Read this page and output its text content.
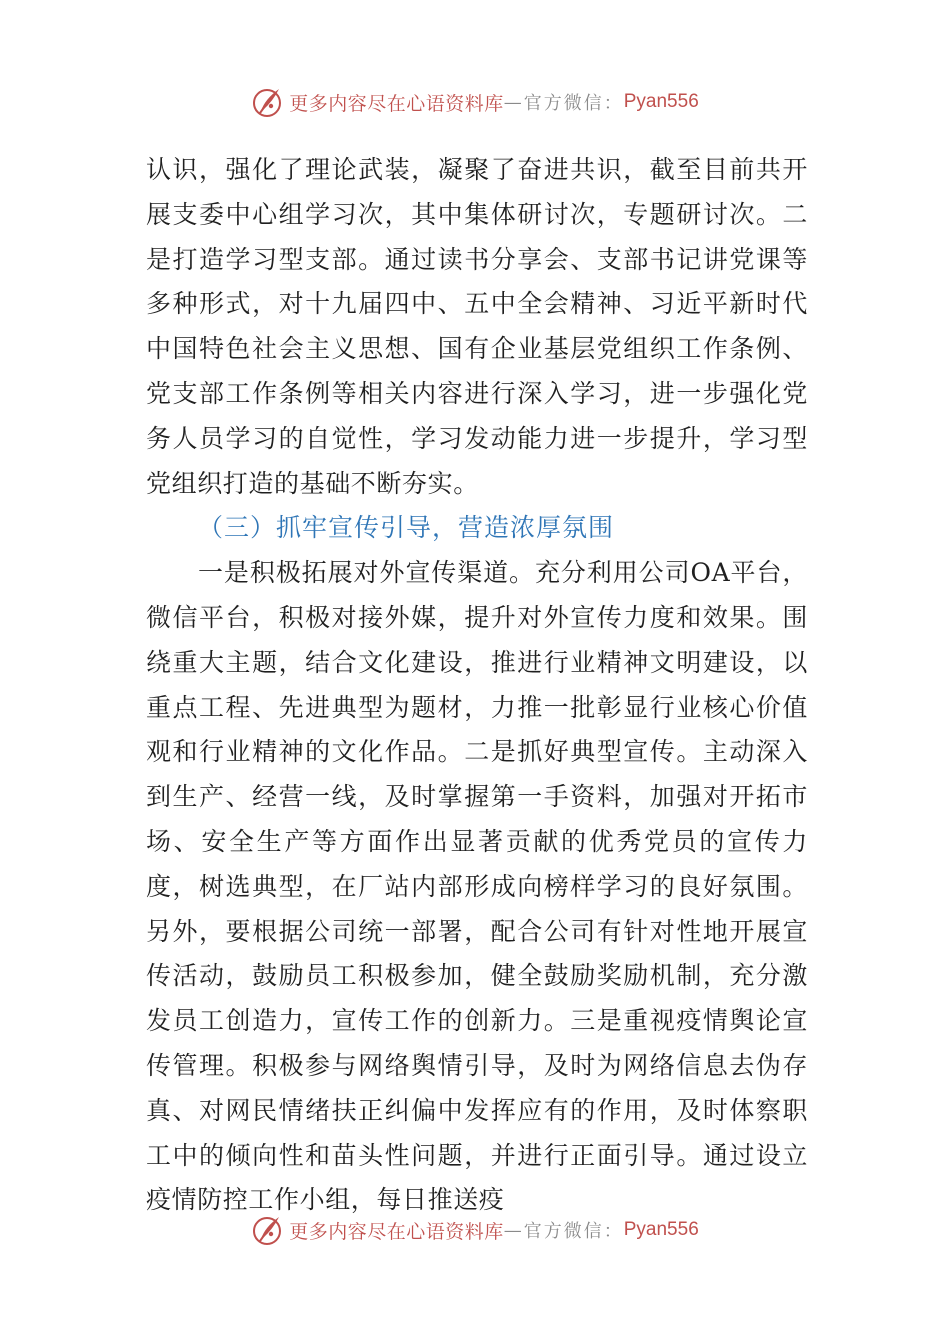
更多内容尽在心语资料库 — 官方微信： Pyan556

认识，强化了理论武装，凝聚了奋进共识，截至目前共开展支委中心组学习次，其中集体研讨次，专题研讨次。二是打造学习型支部。通过读书分享会、支部书记讲党课等多种形式，对十九届四中、五中全会精神、习近平新时代中国特色社会主义思想、国有企业基层党组织工作条例、党支部工作条例等相关内容进行深入学习，进一步强化党务人员学习的自觉性，学习发动能力进一步提升，学习型党组织打造的基础不断夯实。

（三）抓牢宣传引导，营造浓厚氛围

一是积极拓展对外宣传渠道。充分利用公司OA平台，微信平台，积极对接外媒，提升对外宣传力度和效果。围绕重大主题，结合文化建设，推进行业精神文明建设，以重点工程、先进典型为题材，力推一批彰显行业核心价值观和行业精神的文化作品。二是抓好典型宣传。主动深入到生产、经营一线，及时掌握第一手资料，加强对开拓市场、安全生产等方面作出显著贡献的优秀党员的宣传力度，树选典型，在厂站内部形成向榜样学习的良好氛围。另外，要根据公司统一部署，配合公司有针对性地开展宣传活动，鼓励员工积极参加，健全鼓励奖励机制，充分激发员工创造力，宣传工作的创新力。三是重视疫情舆论宣传管理。积极参与网络舆情引导，及时为网络信息去伪存真、对网民情绪扶正纠偏中发挥应有的作用，及时体察职工中的倾向性和苗头性问题，并进行正面引导。通过设立疫情防控工作小组，每日推送疫

更多内容尽在心语资料库 — 官方微信： Pyan556
